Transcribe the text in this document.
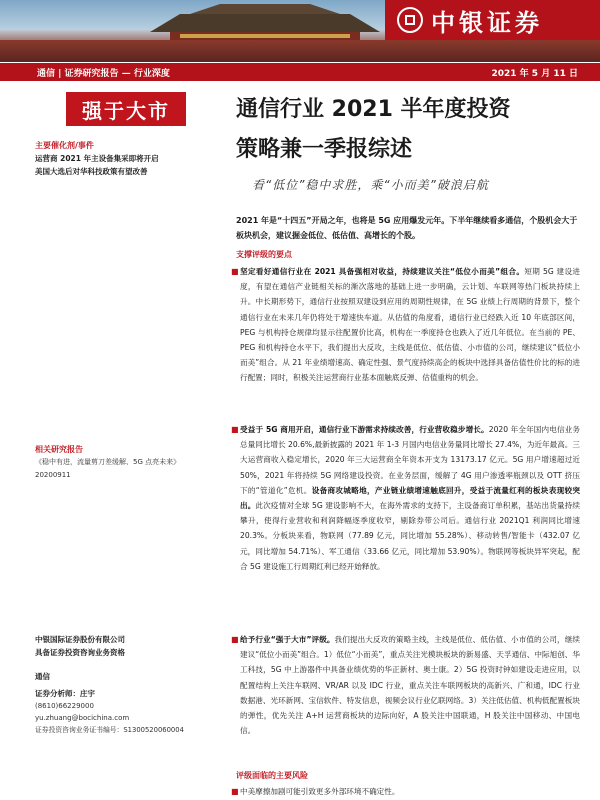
中银证券
通信 | 证券研究报告 — 行业深度	2021 年 5 月 11 日
强于大市
主要催化剂/事件
运营商 2021 年主设备集采即将开启
美国大选后对华科技政策有望改善
相关研究报告
《稳中有进，流量剪刀差缓解、5G 点亮未来》
20200911
中银国际证券股份有限公司
具备证券投资咨询业务资格
通信
证券分析师：庄宇
(8610)66229000
yu.zhuang@bocichina.com
证券投资咨询业务证书编号：S1300520060004
通信行业 2021 半年度投资
策略兼一季报综述
看“低位”稳中求胜，乘“小而美”破浪启航
2021 年是“十四五”开局之年，也将是 5G 应用爆发元年。下半年继续看多通信，个股机会大于板块机会，建议掘金低位、低估值、高增长的个股。
支撑评级的要点
■ 坚定看好通信行业在 2021 具备强相对收益，持续建议关注“低位小而美”组合。短期 5G 建设进度，有望在通信产业链相关标的渐次落地的基础上进一步明确，云计划、车联网等热门板块持续上升。中长期形势下，通信行业按照双建设到应用的周期性规律，在 5G 业绩上行周期的背景下，整个通信行业在未来几年仍将处于增速快车道。从估值的角度看，通信行业已经跌入近 10 年底部区间，PEG 与机构持仓规律均显示往配置价比高，机构在一季度持仓也跌入了近几年低位。在当前的 PE、PEG 和机构持仓水平下，我们提出大反攻，主线是低位、低估值、小市值的公司，继续建议“低位小而美”组合。从 21 年业绩增速高、确定性强、景气度持续高企的板块中选择具备估值性价比的标的进行配置；同时，积极关注运营商行业基本面触底反弹、估值重构的机会。
■ 受益于 5G 商用开启，通信行业下游需求持续改善，行业营收稳步增长。2020 年全年国内电信业务总量同比增长 20.6%,最新披露的 2021 年 1-3 月国内电信业务量同比增长 27.4%，为近年最高。三大运营商收入稳定增长，2020 年三大运营商全年资本开支为 13173.17 亿元。5G 用户增速超过近 50%，2021 年将持续 5G 网络建设投资。在业务层面，缓解了 4G 用户渗透率瓶颈以及 OTT 挤压下的“管道化”危机。设备商攻城略地，产业链业绩增速触底回升，受益于流量红利的板块表现较突出。此次疫情对全球 5G 建设影响不大，在海外需求的支持下，主设备商订单积累，基站出货量持续攀升，使得行业营收和利润降幅逐季度收窄，剔除券带公司后。通信行业 2021Q1 利润同比增速 20.3%。分板块来看，物联网（77.89 亿元，同比增加 55.28%）、移动转售/智能卡（432.07 亿元，同比增加 54.71%）、军工通信（33.66 亿元，同比增加 53.90%）。物联网等板块异军突起，配合 5G 建设施工行周期红利已经开始释放。
■ 给予行业“强于大市”评级。我们提出大反攻的策略主线，主线是低位、低估值、小市值的公司，继续建议“低位小而美”组合。1）低位“小而美”，重点关注光模块板块的新易盛、天孚通信、中际旭创、华工科技，5G 中上游器件中具备业绩优势的华正新材、奥士康。2）5G 投资时钟如建设走进应用，以配置结构上关注车联网、VR/AR 以及 IDC 行业，重点关注车联网板块的高新兴、广和通，IDC 行业数据港、光环新网、宝信软件、特发信息，视频会议行业亿联网络。3）关注低估值、机构低配置板块的弹性，优先关注 A+H 运营商板块的边际向好，A 股关注中国联通，H 股关注中国移动、中国电信。
评级面临的主要风险
■ 中美摩擦加剧可能引致更多外部环境不确定性。
